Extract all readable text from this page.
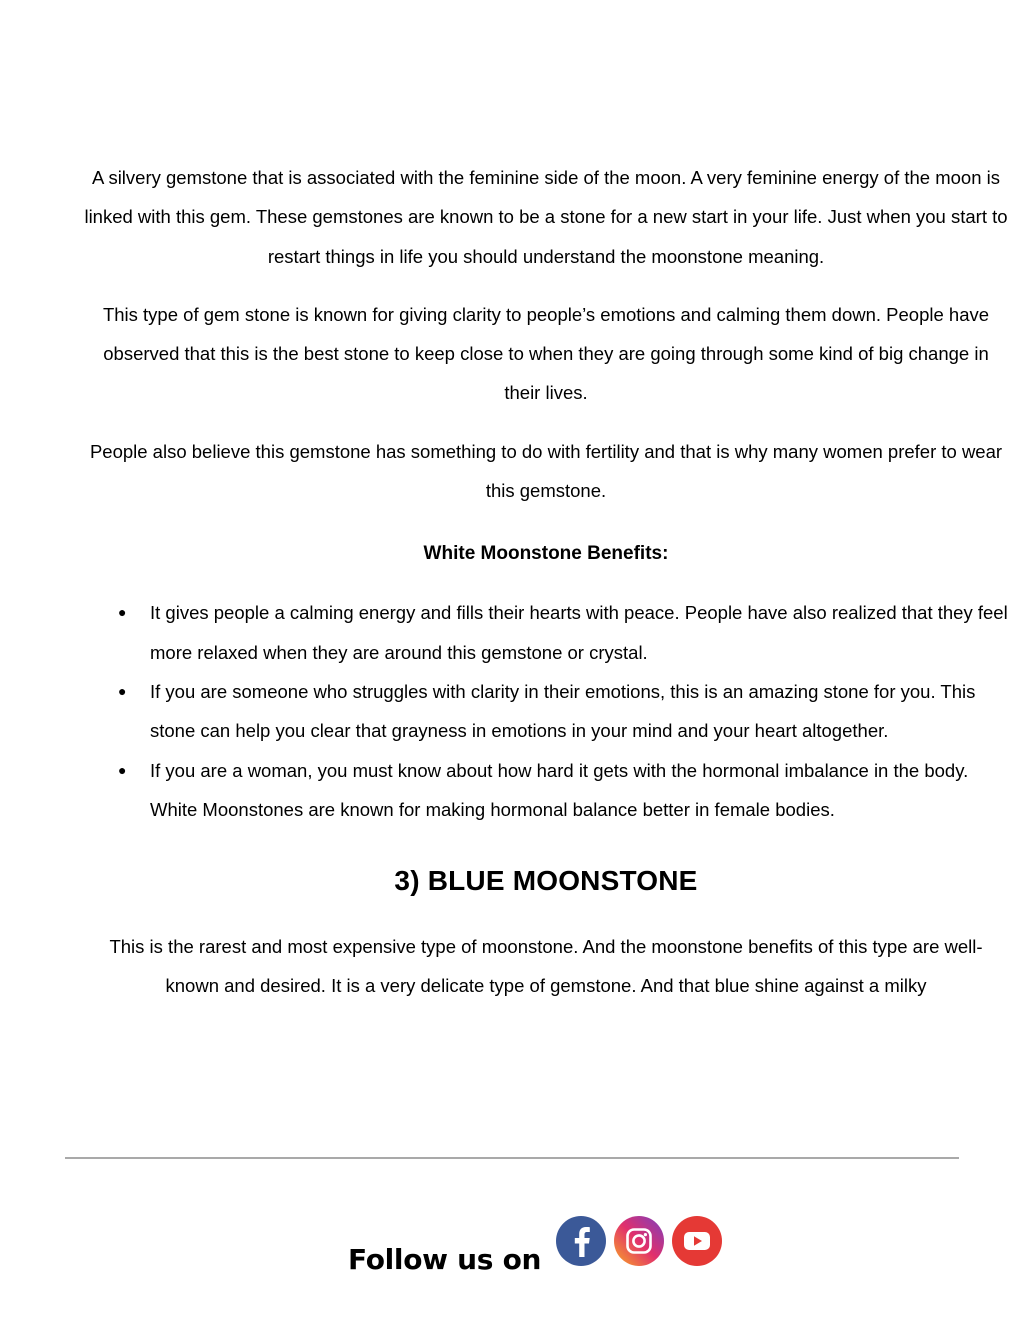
A silvery gemstone that is associated with the feminine side of the moon. A very feminine energy of the moon is linked with this gem. These gemstones are known to be a stone for a new start in your life. Just when you start to restart things in life you should understand the moonstone meaning.

This type of gem stone is known for giving clarity to people’s emotions and calming them down. People have observed that this is the best stone to keep close to when they are going through some kind of big change in their lives.

People also believe this gemstone has something to do with fertility and that is why many women prefer to wear this gemstone.

White Moonstone Benefits:
● It gives people a calming energy and fills their hearts with peace. People have also realized that they feel more relaxed when they are around this gemstone or crystal.
● If you are someone who struggles with clarity in their emotions, this is an amazing stone for you. This stone can help you clear that grayness in emotions in your mind and your heart altogether.
● If you are a woman, you must know about how hard it gets with the hormonal imbalance in the body. White Moonstones are known for making hormonal balance better in female bodies.
3) BLUE MOONSTONE

This is the rarest and most expensive type of moonstone. And the moonstone benefits of this type are well-known and desired. It is a very delicate type of gemstone. And that blue shine against a milky

Follow us on
